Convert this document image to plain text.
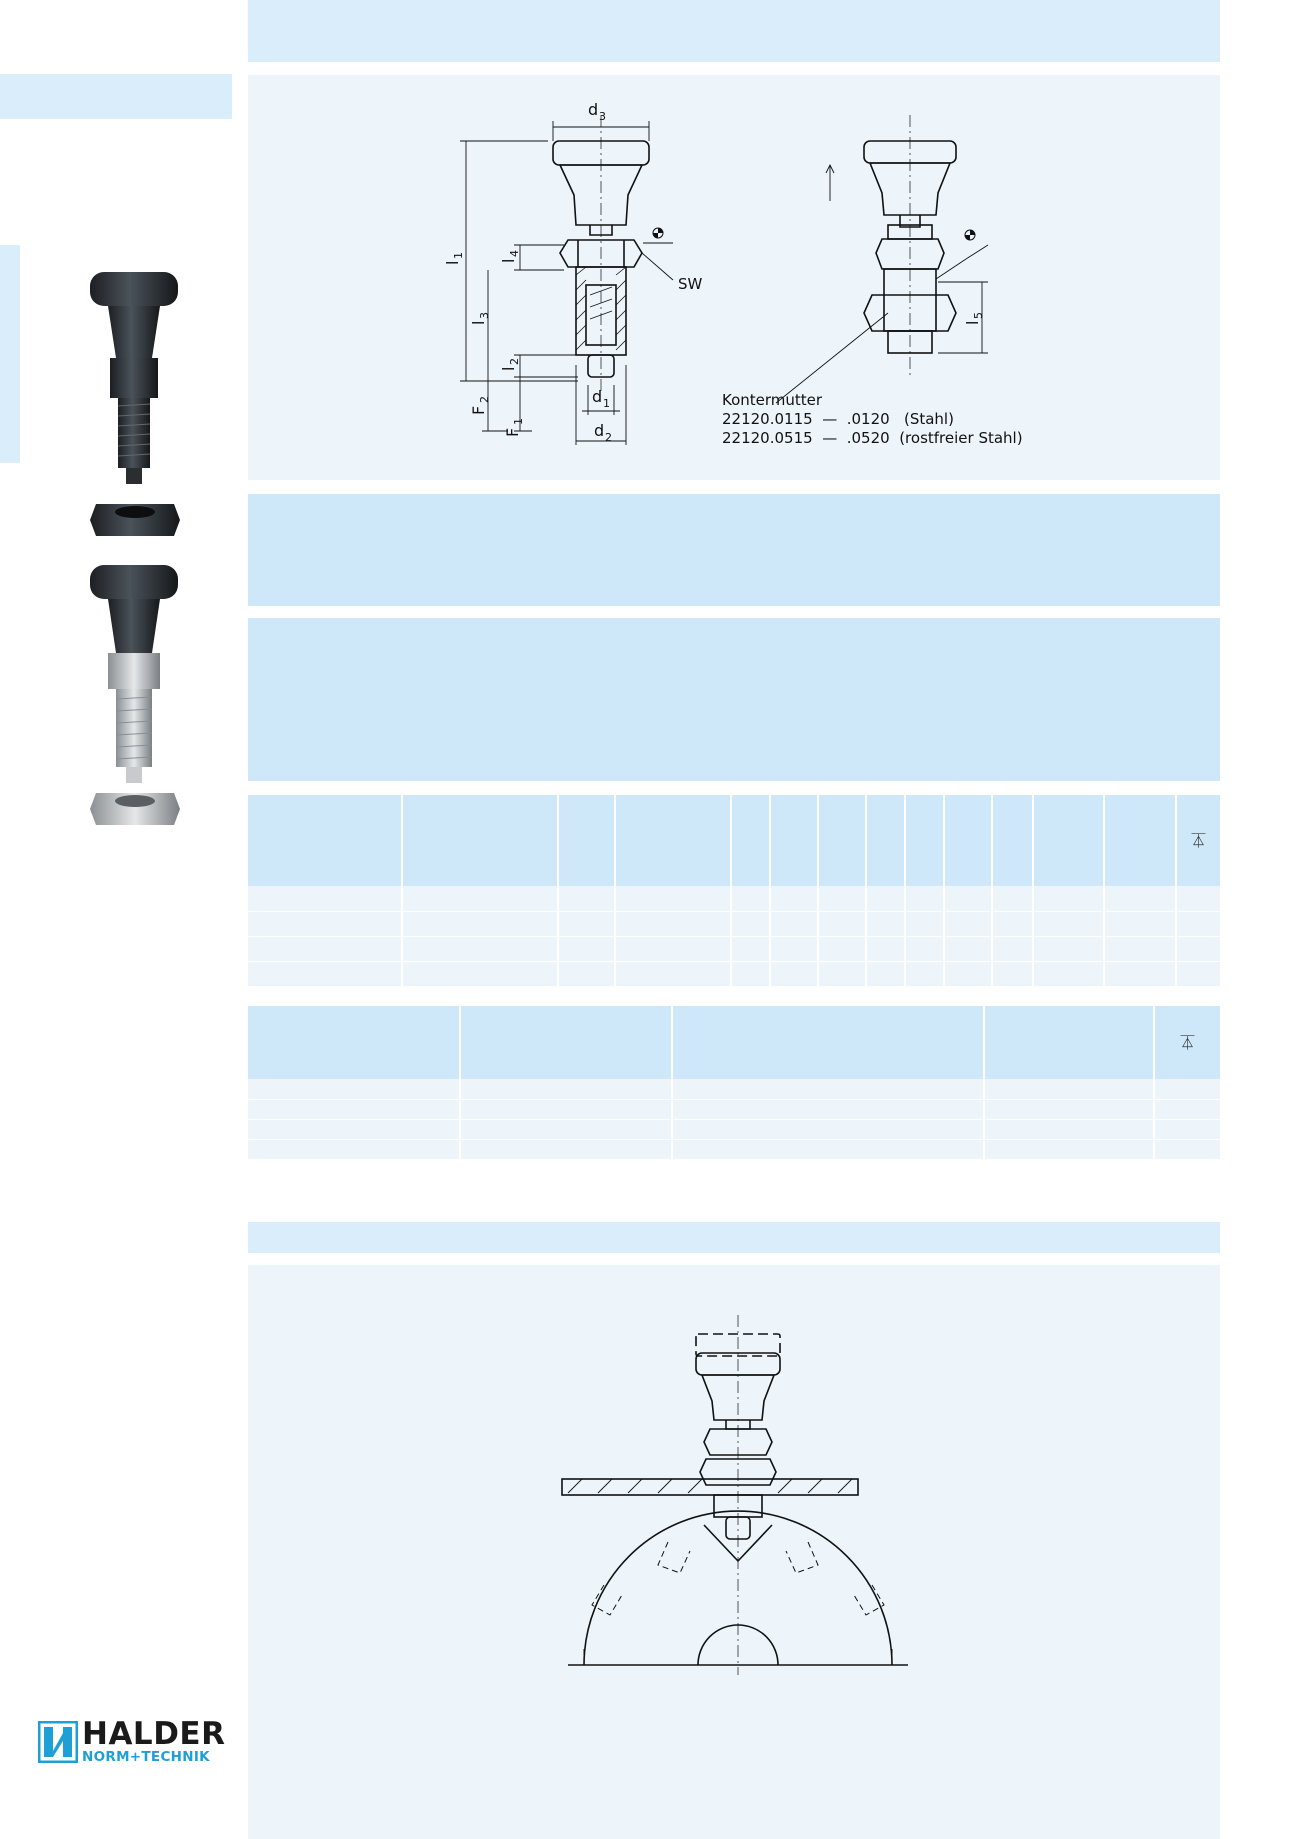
d 3
l
1
l
4
l
3
l
2
F
2
F
1
d 1
d 2
SW
l
5
Kontermutter
22120.0115  —  .0120   (Stahl)
22120.0515  —  .0520  (rostfreier Stahl)

⏄

⏄

HALDER
NORM+TECHNIK
